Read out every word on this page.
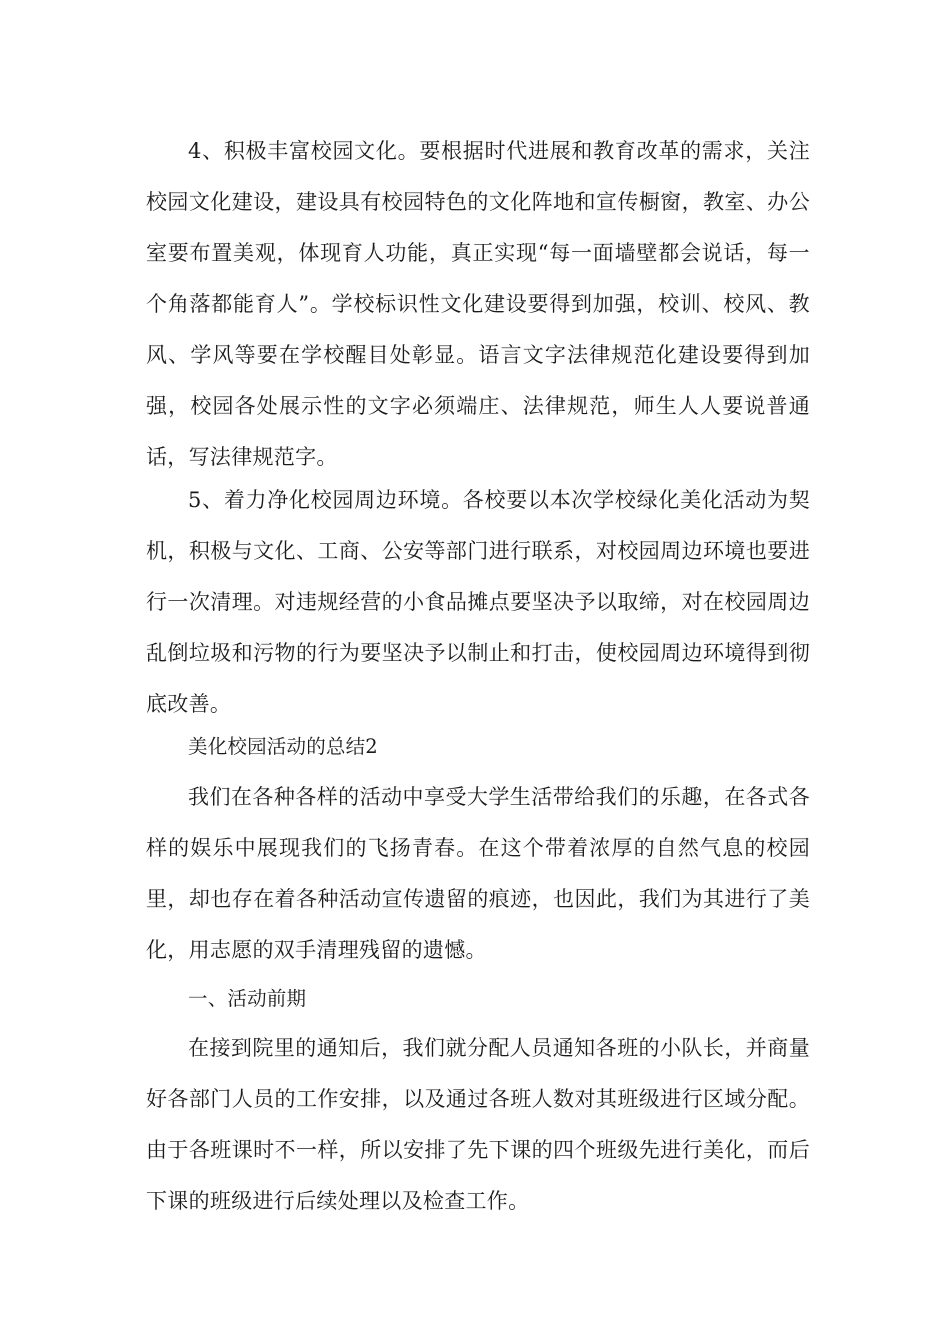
4、积极丰富校园文化。要根据时代进展和教育改革的需求，关注校园文化建设，建设具有校园特色的文化阵地和宣传橱窗，教室、办公室要布置美观，体现育人功能，真正实现“每一面墙壁都会说话，每一个角落都能育人”。学校标识性文化建设要得到加强，校训、校风、教风、学风等要在学校醒目处彰显。语言文字法律规范化建设要得到加强，校园各处展示性的文字必须端庄、法律规范，师生人人要说普通话，写法律规范字。

5、着力净化校园周边环境。各校要以本次学校绿化美化活动为契机，积极与文化、工商、公安等部门进行联系，对校园周边环境也要进行一次清理。对违规经营的小食品摊点要坚决予以取缔，对在校园周边乱倒垃圾和污物的行为要坚决予以制止和打击，使校园周边环境得到彻底改善。

美化校园活动的总结2

我们在各种各样的活动中享受大学生活带给我们的乐趣，在各式各样的娱乐中展现我们的飞扬青春。在这个带着浓厚的自然气息的校园里，却也存在着各种活动宣传遗留的痕迹，也因此，我们为其进行了美化，用志愿的双手清理残留的遗憾。

一、活动前期

在接到院里的通知后，我们就分配人员通知各班的小队长，并商量好各部门人员的工作安排，以及通过各班人数对其班级进行区域分配。由于各班课时不一样，所以安排了先下课的四个班级先进行美化，而后下课的班级进行后续处理以及检查工作。
